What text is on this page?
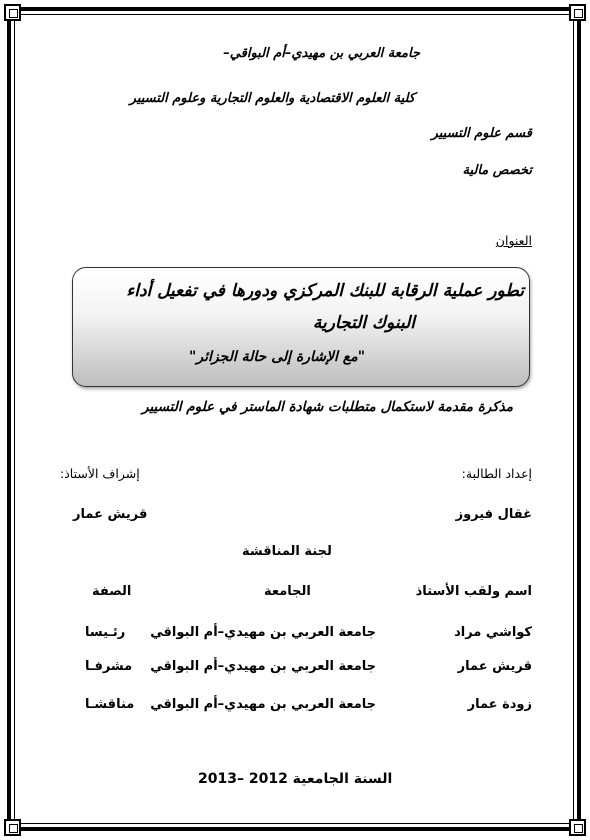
جامعة العربي بن مهيدي–أم البواقي–
كلية العلوم الاقتصادية والعلوم التجارية وعلوم التسيير
قسم علوم التسيير
تخصص مالية
العنوان
تطور عملية الرقابة للبنك المركزي ودورها في تفعيل أداء
البنوك التجارية
"مع الإشارة إلى حالة الجزائر"
مذكرة مقدمة لاستكمال متطلبات شهادة الماستر في علوم التسيير
إعداد الطالبة:
إشراف الأستاذ:
غقال فيروز
قريش عمار
لجنة المناقشة
اسم ولقب الأستاذ
الجامعة
الصفة
كواشي مراد
جامعة العربي بن مهيدي–أم البواقي
رئـيسا
قريش عمار
جامعة العربي بن مهيدي–أم البواقي
مشرفـا
زودة عمار
جامعة العربي بن مهيدي–أم البواقي
مناقشـا
السنة الجامعية 2012 –2013
